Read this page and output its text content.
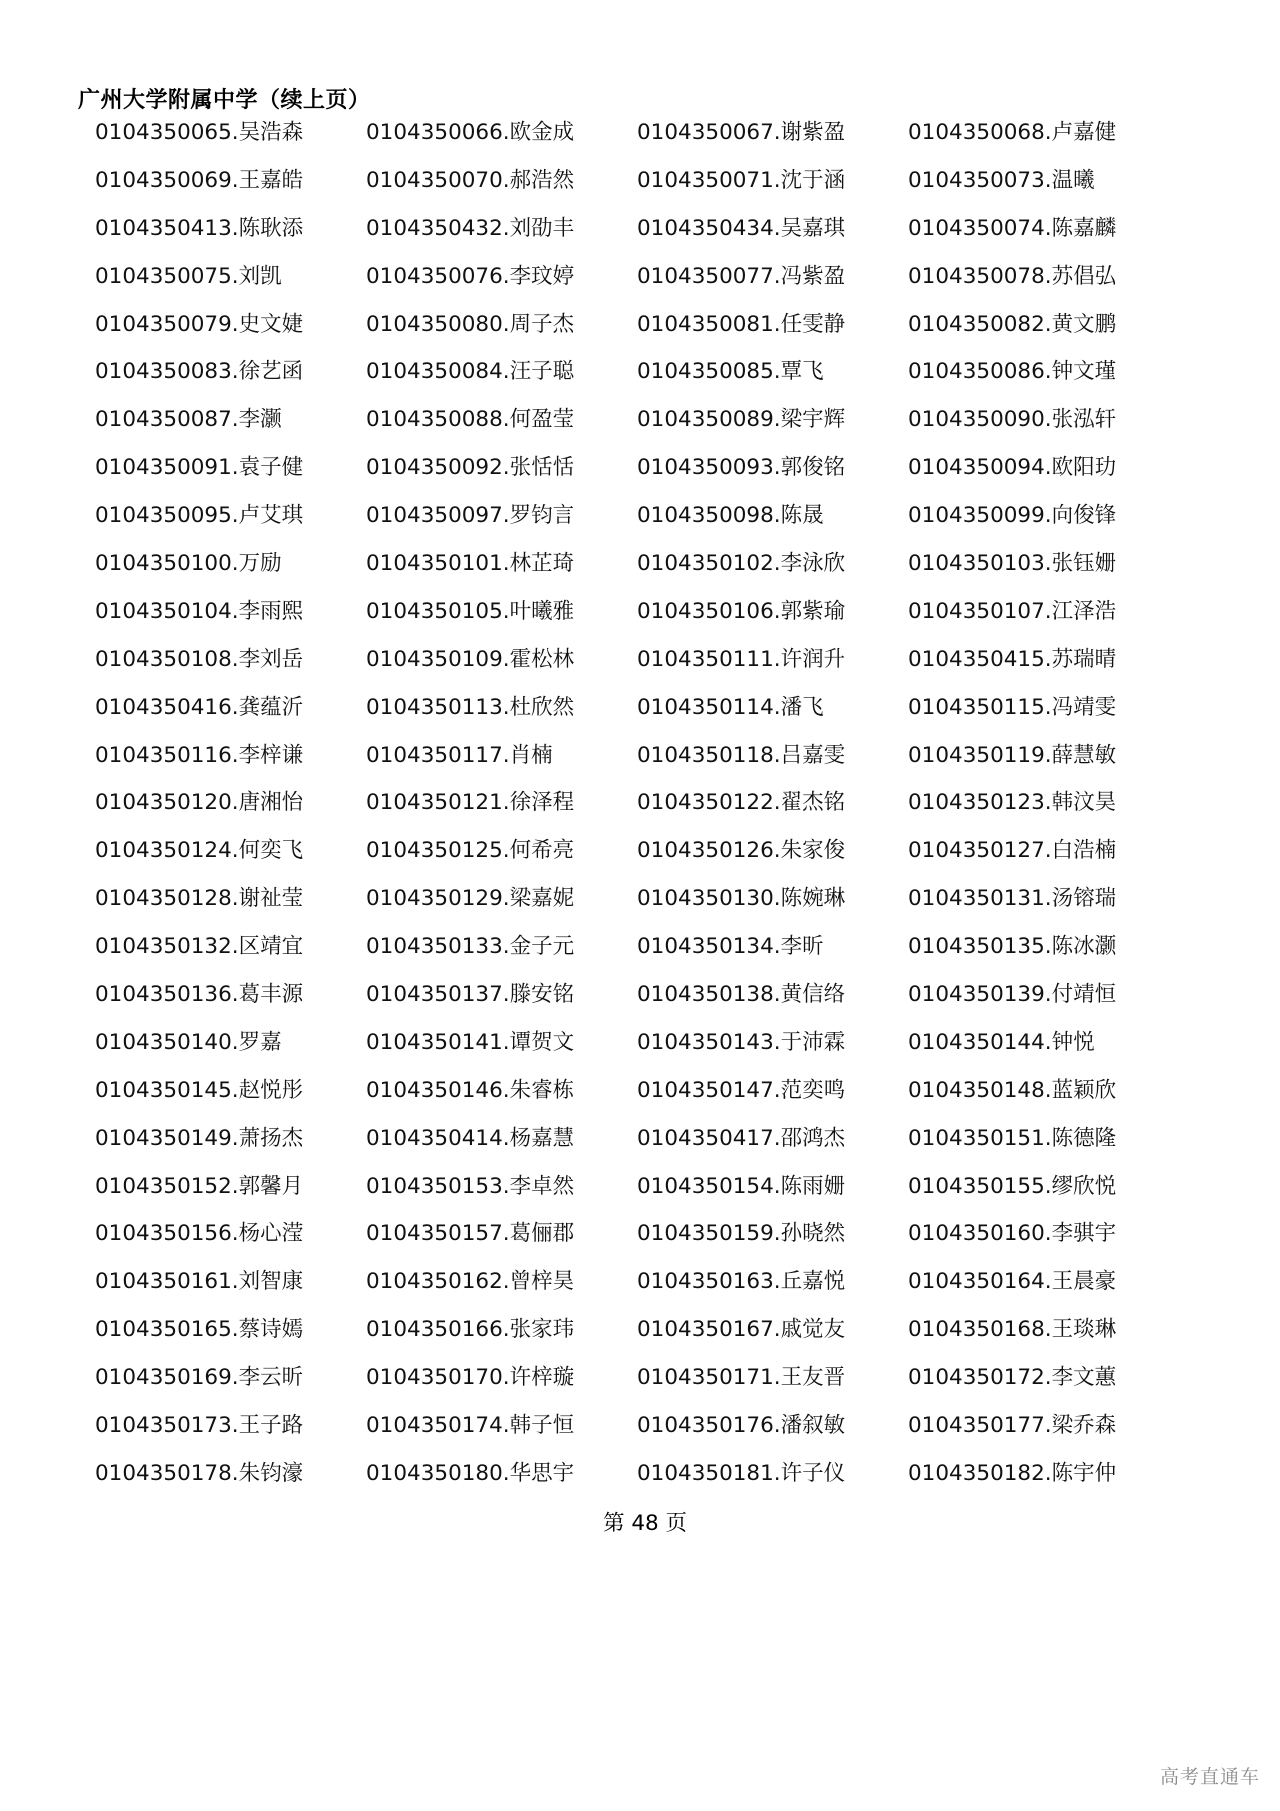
广州大学附属中学（续上页）
0104350065.吴浩森	0104350066.欧金成	0104350067.谢紫盈	0104350068.卢嘉健
0104350069.王嘉皓	0104350070.郝浩然	0104350071.沈于涵	0104350073.温曦
0104350413.陈耿添	0104350432.刘劭丰	0104350434.吴嘉琪	0104350074.陈嘉麟
0104350075.刘凯	0104350076.李玟婷	0104350077.冯紫盈	0104350078.苏倡弘
0104350079.史文婕	0104350080.周子杰	0104350081.任雯静	0104350082.黄文鹏
0104350083.徐艺函	0104350084.汪子聪	0104350085.覃飞	0104350086.钟文瑾
0104350087.李灏	0104350088.何盈莹	0104350089.梁宇辉	0104350090.张泓轩
0104350091.袁子健	0104350092.张恬恬	0104350093.郭俊铭	0104350094.欧阳玏
0104350095.卢艾琪	0104350097.罗钧言	0104350098.陈晟	0104350099.向俊锋
0104350100.万励	0104350101.林芷琦	0104350102.李泳欣	0104350103.张钰姗
0104350104.李雨熙	0104350105.叶曦雅	0104350106.郭紫瑜	0104350107.江泽浩
0104350108.李刘岳	0104350109.霍松林	0104350111.许润升	0104350415.苏瑞晴
0104350416.龚蕴沂	0104350113.杜欣然	0104350114.潘飞	0104350115.冯靖雯
0104350116.李梓谦	0104350117.肖楠	0104350118.吕嘉雯	0104350119.薛慧敏
0104350120.唐湘怡	0104350121.徐泽程	0104350122.翟杰铭	0104350123.韩汶昊
0104350124.何奕飞	0104350125.何希亮	0104350126.朱家俊	0104350127.白浩楠
0104350128.谢祉莹	0104350129.梁嘉妮	0104350130.陈婉琳	0104350131.汤镕瑞
0104350132.区靖宜	0104350133.金子元	0104350134.李昕	0104350135.陈冰灏
0104350136.葛丰源	0104350137.滕安铭	0104350138.黄信络	0104350139.付靖恒
0104350140.罗嘉	0104350141.谭贺文	0104350143.于沛霖	0104350144.钟悦
0104350145.赵悦彤	0104350146.朱睿栋	0104350147.范奕鸣	0104350148.蓝颖欣
0104350149.萧扬杰	0104350414.杨嘉慧	0104350417.邵鸿杰	0104350151.陈德隆
0104350152.郭馨月	0104350153.李卓然	0104350154.陈雨姗	0104350155.缪欣悦
0104350156.杨心滢	0104350157.葛俪郡	0104350159.孙晓然	0104350160.李骐宇
0104350161.刘智康	0104350162.曾梓昊	0104350163.丘嘉悦	0104350164.王晨豪
0104350165.蔡诗嫣	0104350166.张家玮	0104350167.戚觉友	0104350168.王琰琳
0104350169.李云昕	0104350170.许梓璇	0104350171.王友晋	0104350172.李文蕙
0104350173.王子路	0104350174.韩子恒	0104350176.潘叙敏	0104350177.梁乔森
0104350178.朱钧濠	0104350180.华思宇	0104350181.许子仪	0104350182.陈宇仲
第 48 页
高考直通车
